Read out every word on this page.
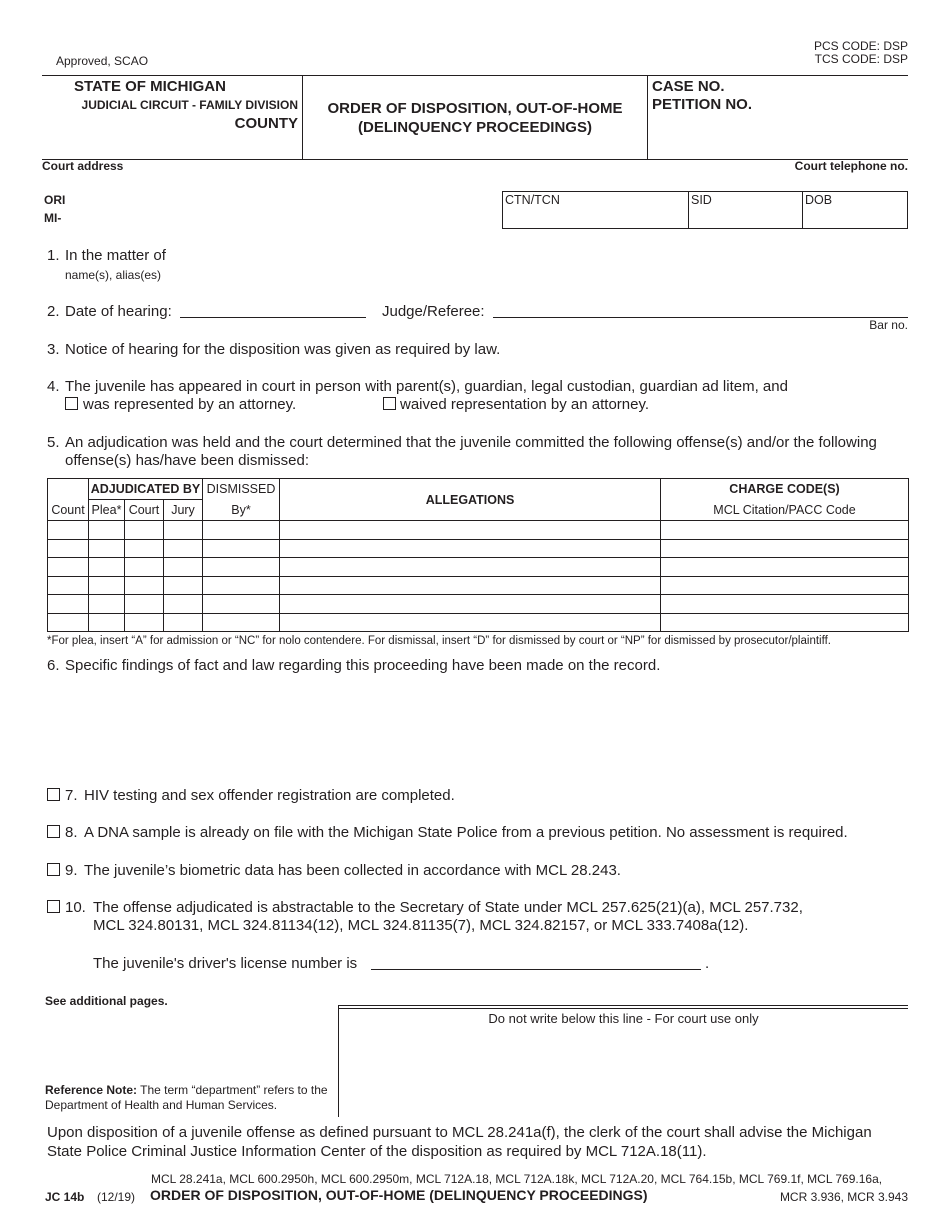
Approved, SCAO
PCS CODE: DSP
TCS CODE: DSP
STATE OF MICHIGAN
JUDICIAL CIRCUIT - FAMILY DIVISION
COUNTY
ORDER OF DISPOSITION, OUT-OF-HOME
(DELINQUENCY PROCEEDINGS)
CASE NO.
PETITION NO.
Court address	Court telephone no.
ORI
MI-
CTN/TCN	SID	DOB
1. In the matter of
name(s), alias(es)
2. Date of hearing:	Judge/Referee:
Bar no.
3. Notice of hearing for the disposition was given as required by law.
4. The juvenile has appeared in court in person with parent(s), guardian, legal custodian, guardian ad litem, and
was represented by an attorney.	waived representation by an attorney.
5. An adjudication was held and the court determined that the juvenile committed the following offense(s) and/or the following
offense(s) has/have been dismissed:
	ADJUDICATED BY			DISMISSED	ALLEGATIONS	CHARGE CODE(S)
Count	Plea*	Court	Jury	By*		MCL Citation/PACC Code

*For plea, insert “A” for admission or “NC” for nolo contendere. For dismissal, insert “D” for dismissed by court or “NP” for dismissed by prosecutor/plaintiff.
6. Specific findings of fact and law regarding this proceeding have been made on the record.
7. HIV testing and sex offender registration are completed.
8. A DNA sample is already on file with the Michigan State Police from a previous petition. No assessment is required.
9. The juvenile’s biometric data has been collected in accordance with MCL 28.243.
10. The offense adjudicated is abstractable to the Secretary of State under MCL 257.625(21)(a), MCL 257.732,
MCL 324.80131, MCL 324.81134(12), MCL 324.81135(7), MCL 324.82157, or MCL 333.7408a(12).
The juvenile's driver's license number is	.
See additional pages.
Do not write below this line - For court use only
Reference Note: The term “department” refers to the
Department of Health and Human Services.
Upon disposition of a juvenile offense as defined pursuant to MCL 28.241a(f), the clerk of the court shall advise the Michigan
State Police Criminal Justice Information Center of the disposition as required by MCL 712A.18(11).
MCL 28.241a, MCL 600.2950h, MCL 600.2950m, MCL 712A.18, MCL 712A.18k, MCL 712A.20, MCL 764.15b, MCL 769.1f, MCL 769.16a,
JC 14b (12/19) ORDER OF DISPOSITION, OUT-OF-HOME (DELINQUENCY PROCEEDINGS)	MCR 3.936, MCR 3.943
